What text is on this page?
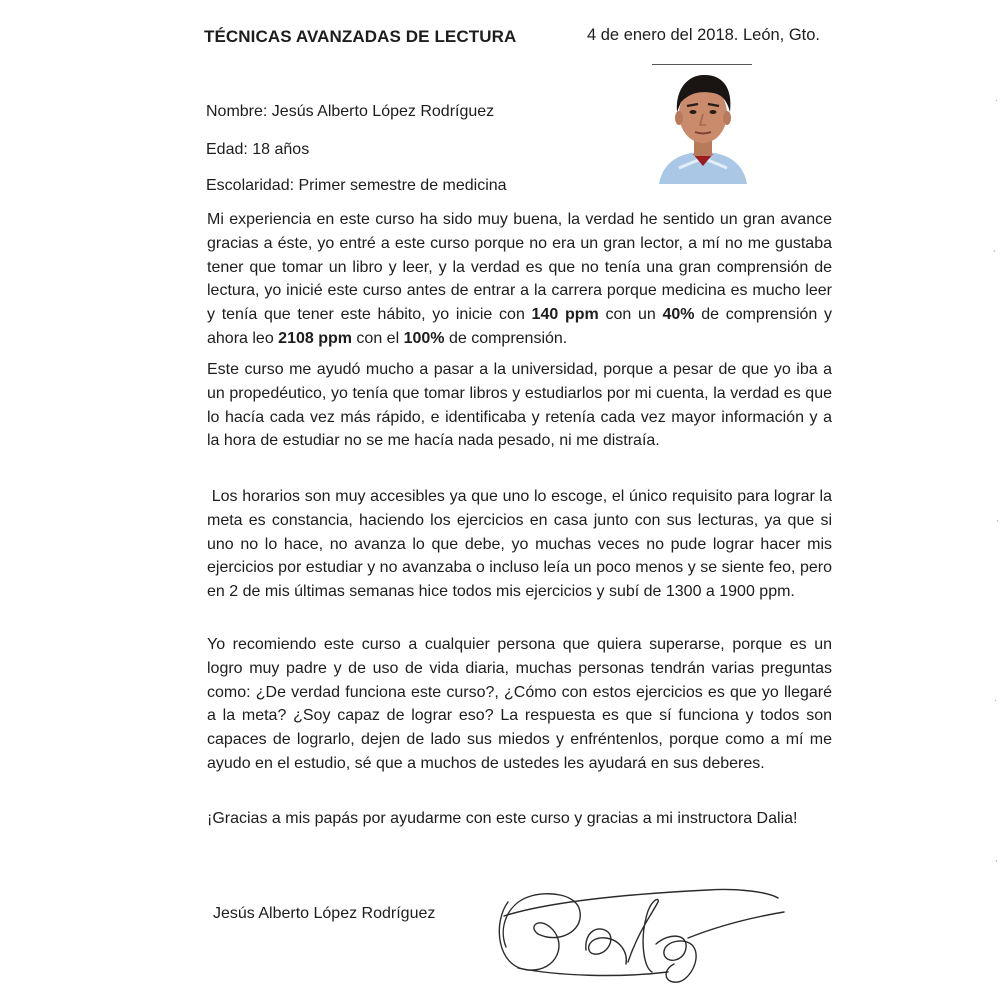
TÉCNICAS AVANZADAS DE LECTURA	4 de enero del 2018. León, Gto.
Nombre: Jesús Alberto López Rodríguez
Edad: 18 años
Escolaridad: Primer semestre de medicina
Mi experiencia en este curso ha sido muy buena, la verdad he sentido un gran avance gracias a éste, yo entré a este curso porque no era un gran lector, a mí no me gustaba tener que tomar un libro y leer, y la verdad es que no tenía una gran comprensión de lectura, yo inicié este curso antes de entrar a la carrera porque medicina es mucho leer y tenía que tener este hábito, yo inicie con 140 ppm con un 40% de comprensión y ahora leo 2108 ppm con el 100% de comprensión.
Este curso me ayudó mucho a pasar a la universidad, porque a pesar de que yo iba a un propedéutico, yo tenía que tomar libros y estudiarlos por mi cuenta, la verdad es que lo hacía cada vez más rápido, e identificaba y retenía cada vez mayor información y a la hora de estudiar no se me hacía nada pesado, ni me distraía.
Los horarios son muy accesibles ya que uno lo escoge, el único requisito para lograr la meta es constancia, haciendo los ejercicios en casa junto con sus lecturas, ya que si uno no lo hace, no avanza lo que debe, yo muchas veces no pude lograr hacer mis ejercicios por estudiar y no avanzaba o incluso leía un poco menos y se siente feo, pero en 2 de mis últimas semanas hice todos mis ejercicios y subí de 1300 a 1900 ppm.
Yo recomiendo este curso a cualquier persona que quiera superarse, porque es un logro muy padre y de uso de vida diaria, muchas personas tendrán varias preguntas como: ¿De verdad funciona este curso?, ¿Cómo con estos ejercicios es que yo llegaré a la meta? ¿Soy capaz de lograr eso? La respuesta es que sí funciona y todos son capaces de lograrlo, dejen de lado sus miedos y enfréntenlos, porque como a mí me ayudo en el estudio, sé que a muchos de ustedes les ayudará en sus deberes.
¡Gracias a mis papás por ayudarme con este curso y gracias a mi instructora Dalia!
Jesús Alberto López Rodríguez
